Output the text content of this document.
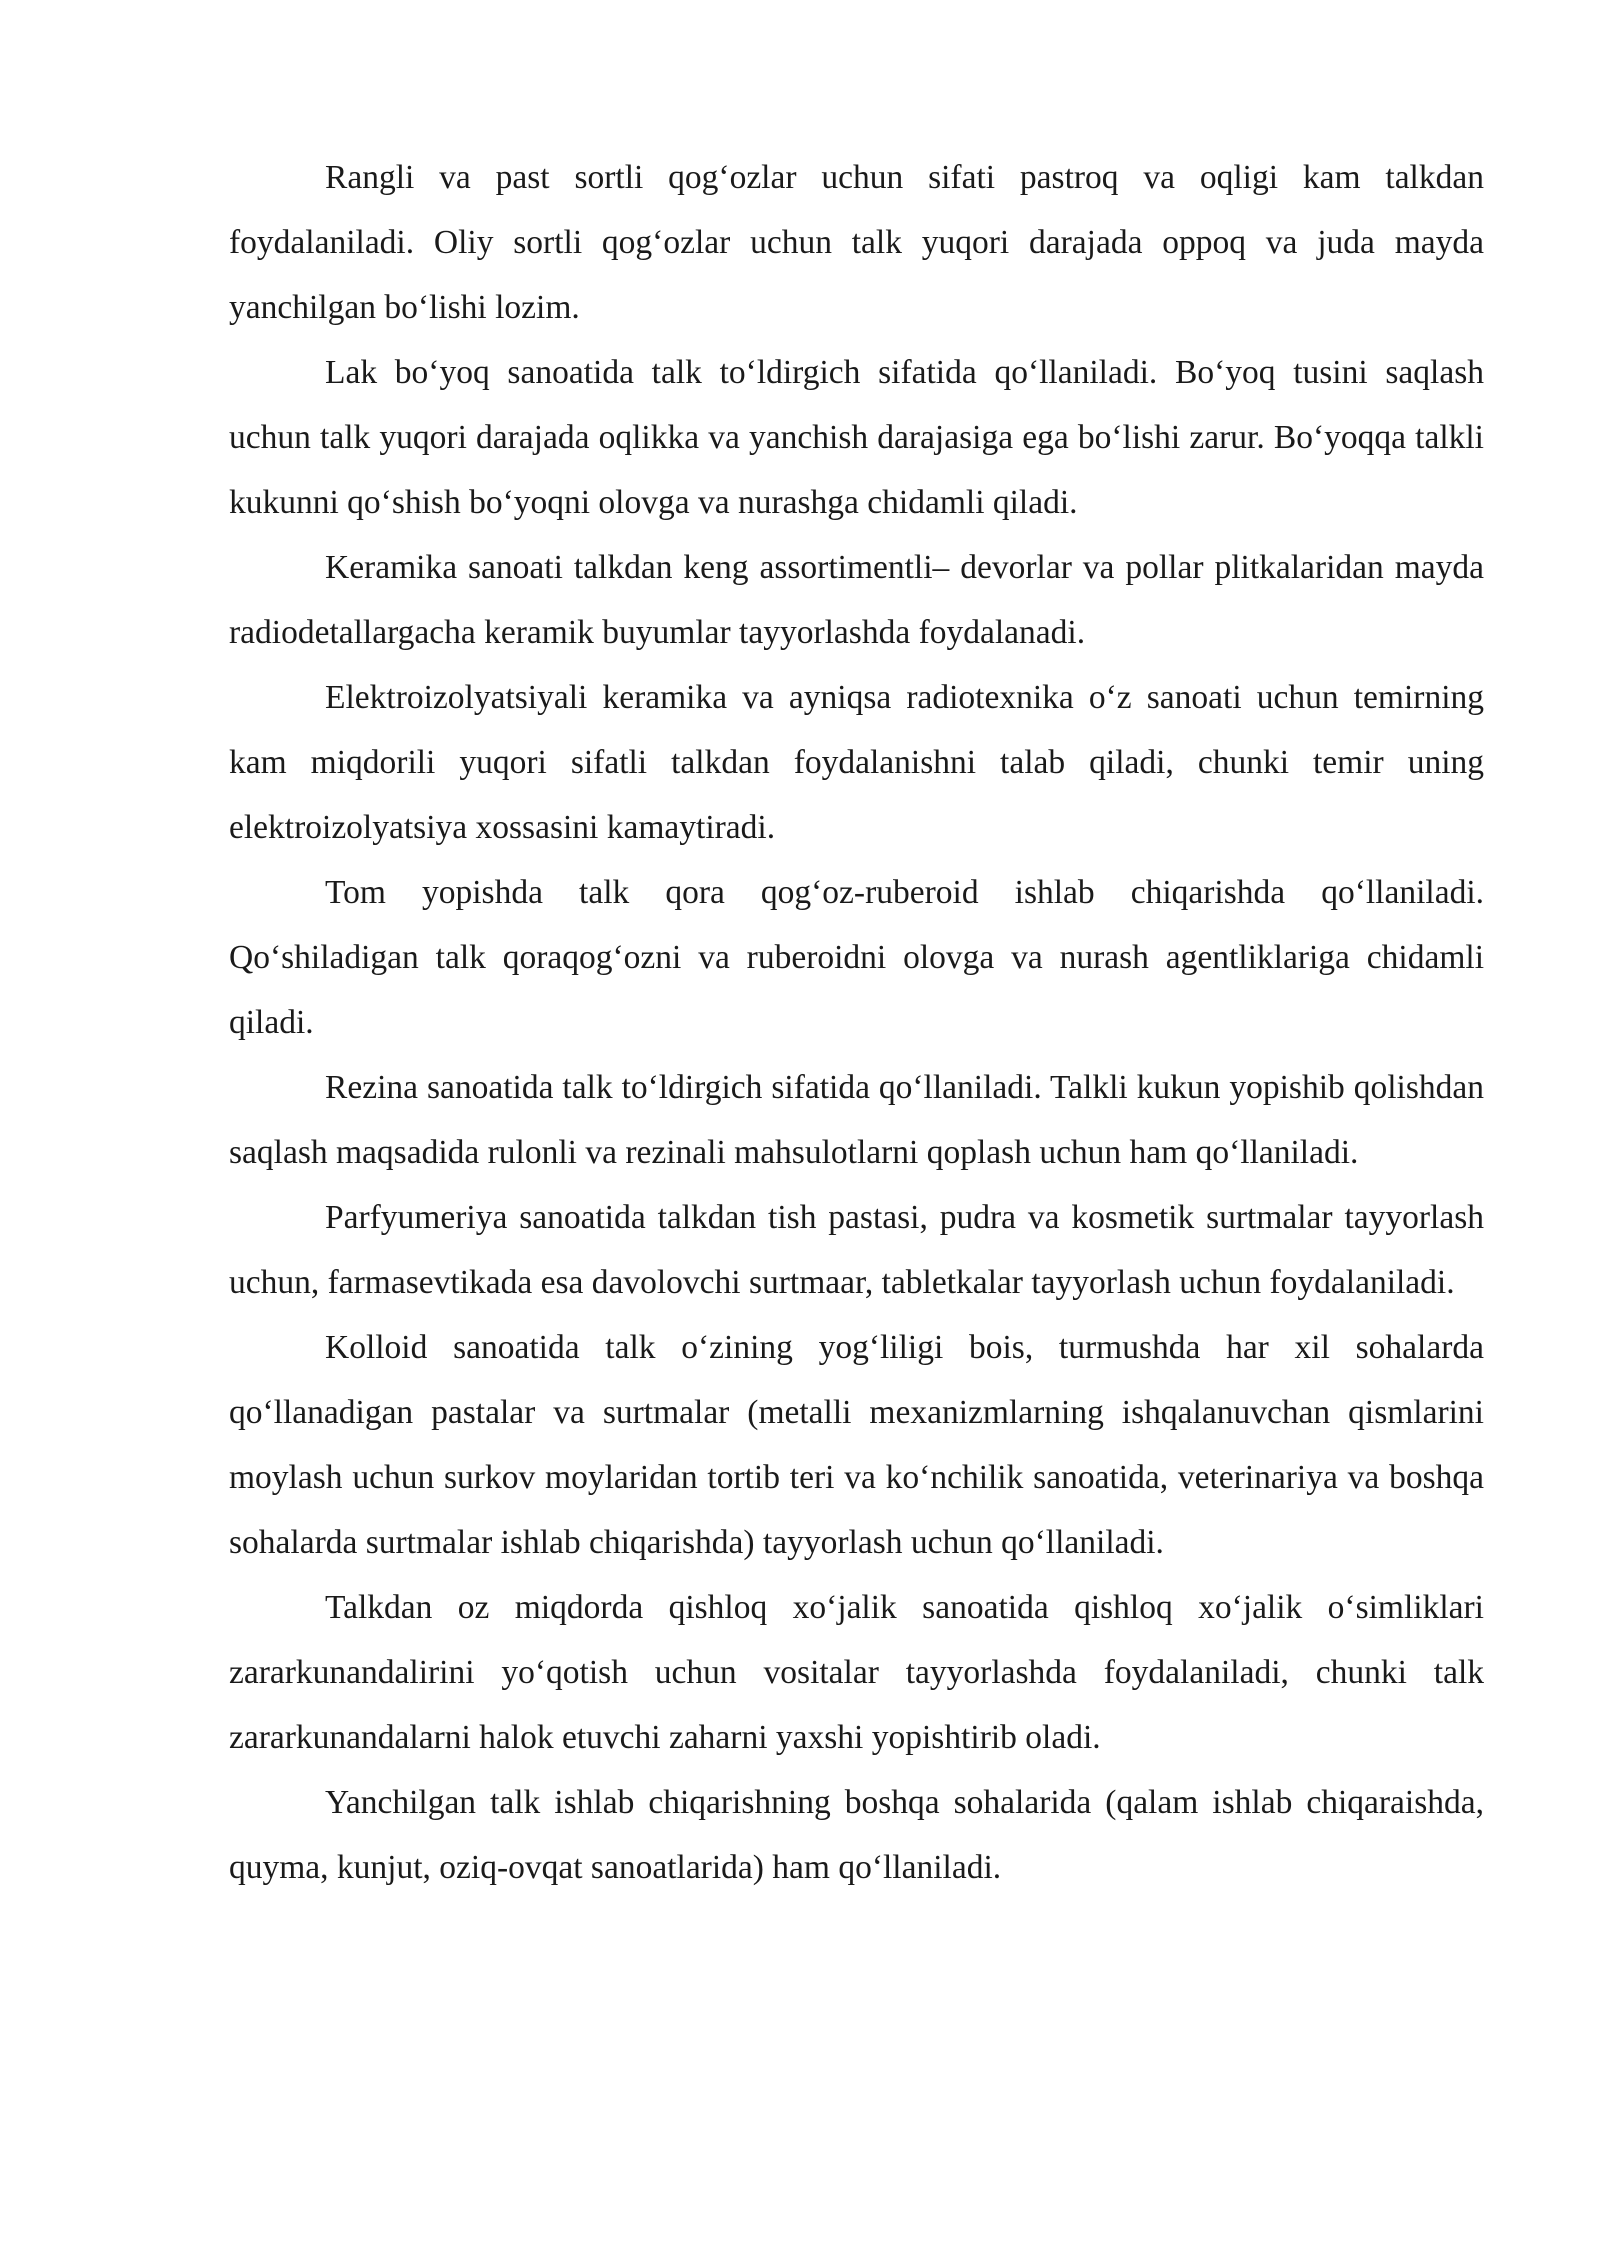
Rangli va past sortli qog‘ozlar uchun sifati pastroq va oqligi kam talkdan foydalaniladi. Oliy sortli qog‘ozlar uchun talk yuqori darajada oppoq va juda mayda yanchilgan bo‘lishi lozim.

Lak bo‘yoq sanoatida talk to‘ldirgich sifatida qo‘llaniladi. Bo‘yoq tusini saqlash uchun talk yuqori darajada oqlikka va yanchish darajasiga ega bo‘lishi zarur. Bo‘yoqqa talkli kukunni qo‘shish bo‘yoqni olovga va nurashga chidamli qiladi.

Keramika sanoati talkdan keng assortimentli– devorlar va pollar plitkalaridan mayda radiodetallargacha keramik buyumlar tayyorlashda foydalanadi.

Elektroizolyatsiyali keramika va ayniqsa radiotexnika o‘z sanoati uchun temirning kam miqdorili yuqori sifatli talkdan foydalanishni talab qiladi, chunki temir uning elektroizolyatsiya xossasini kamaytiradi.

Tom yopishda talk qora qog‘oz-ruberoid ishlab chiqarishda qo‘llaniladi. Qo‘shiladigan talk qoraqog‘ozni va ruberoidni olovga va nurash agentliklariga chidamli qiladi.

Rezina sanoatida talk to‘ldirgich sifatida qo‘llaniladi. Talkli kukun yopishib qolishdan saqlash maqsadida rulonli va rezinali mahsulotlarni qoplash uchun ham qo‘llaniladi.

Parfyumeriya sanoatida talkdan tish pastasi, pudra va kosmetik surtmalar tayyorlash uchun, farmasevtikada esa davolovchi surtmaar, tabletkalar tayyorlash uchun foydalaniladi.

Kolloid sanoatida talk o‘zining yog‘liligi bois, turmushda har xil sohalarda qo‘llanadigan pastalar va surtmalar (metalli mexanizmlarning ishqalanuvchan qismlarini moylash uchun surkov moylaridan tortib teri va ko‘nchilik sanoatida, veterinariya va boshqa sohalarda surtmalar ishlab chiqarishda) tayyorlash uchun qo‘llaniladi.

Talkdan oz miqdorda qishloq xo‘jalik sanoatida qishloq xo‘jalik o‘simliklari zararkunandalirini yo‘qotish uchun vositalar tayyorlashda foydalaniladi, chunki talk zararkunandalarni halok etuvchi zaharni yaxshi yopishtirib oladi.

Yanchilgan talk ishlab chiqarishning boshqa sohalarida (qalam ishlab chiqaraishda, quyma, kunjut, oziq-ovqat sanoatlarida) ham qo‘llaniladi.
